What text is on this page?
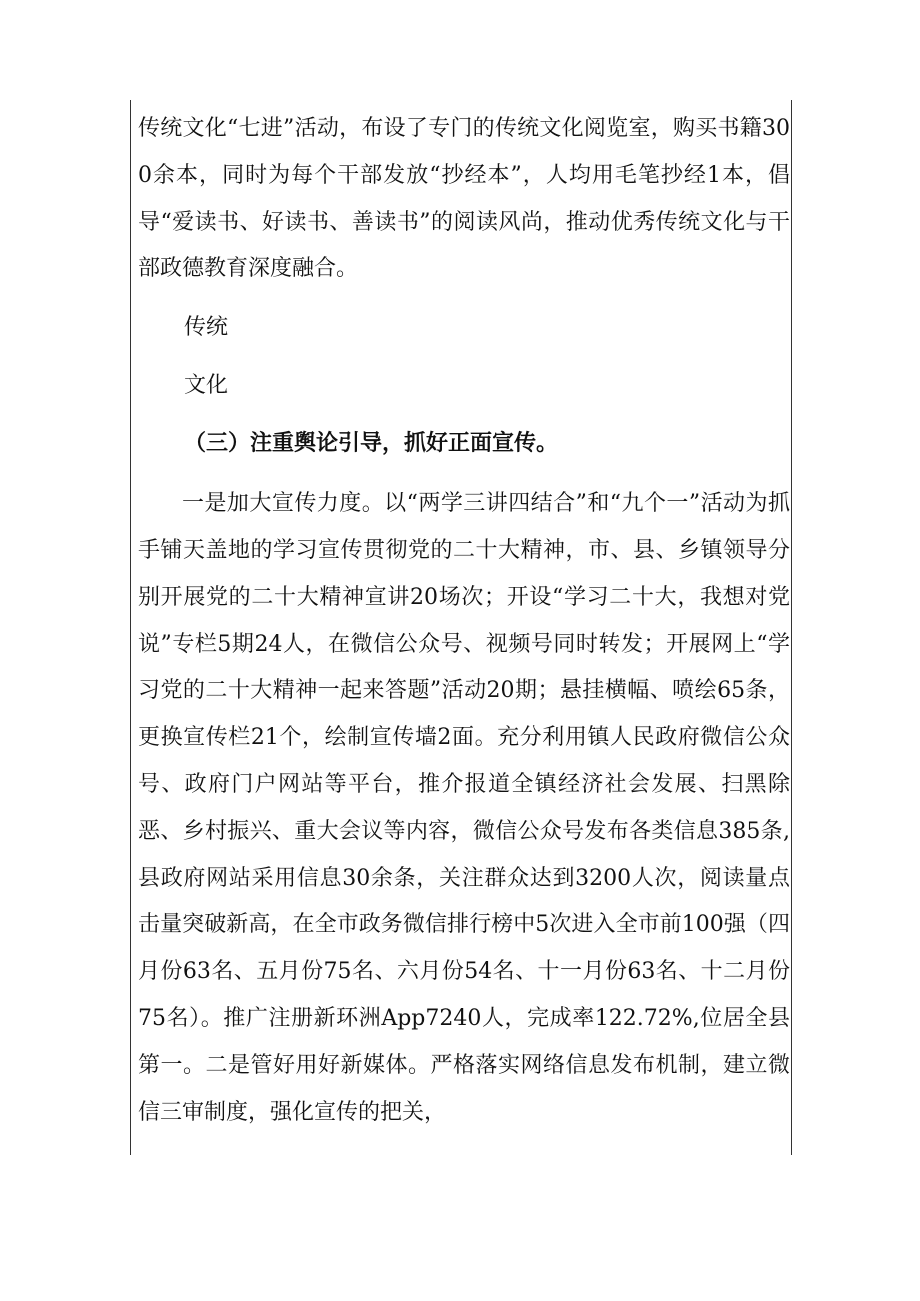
传统文化“七进”活动，布设了专门的传统文化阅览室，购买书籍300余本，同时为每个干部发放“抄经本”，人均用毛笔抄经1本，倡导“爱读书、好读书、善读书”的阅读风尚，推动优秀传统文化与干部政德教育深度融合。

传统

文化

（三）注重舆论引导，抓好正面宣传。

一是加大宣传力度。以“两学三讲四结合”和“九个一”活动为抓手铺天盖地的学习宣传贯彻党的二十大精神，市、县、乡镇领导分别开展党的二十大精神宣讲20场次；开设“学习二十大，我想对党说”专栏5期24人，在微信公众号、视频号同时转发；开展网上“学习党的二十大精神一起来答题”活动20期；悬挂横幅、喷绘65条，更换宣传栏21个，绘制宣传墙2面。充分利用镇人民政府微信公众号、政府门户网站等平台，推介报道全镇经济社会发展、扫黑除恶、乡村振兴、重大会议等内容，微信公众号发布各类信息385条,县政府网站采用信息30余条，关注群众达到3200人次，阅读量点击量突破新高，在全市政务微信排行榜中5次进入全市前100强（四月份63名、五月份75名、六月份54名、十一月份63名、十二月份75名）。推广注册新环洲App7240人，完成率122.72%,位居全县第一。二是管好用好新媒体。严格落实网络信息发布机制，建立微信三审制度，强化宣传的把关，
